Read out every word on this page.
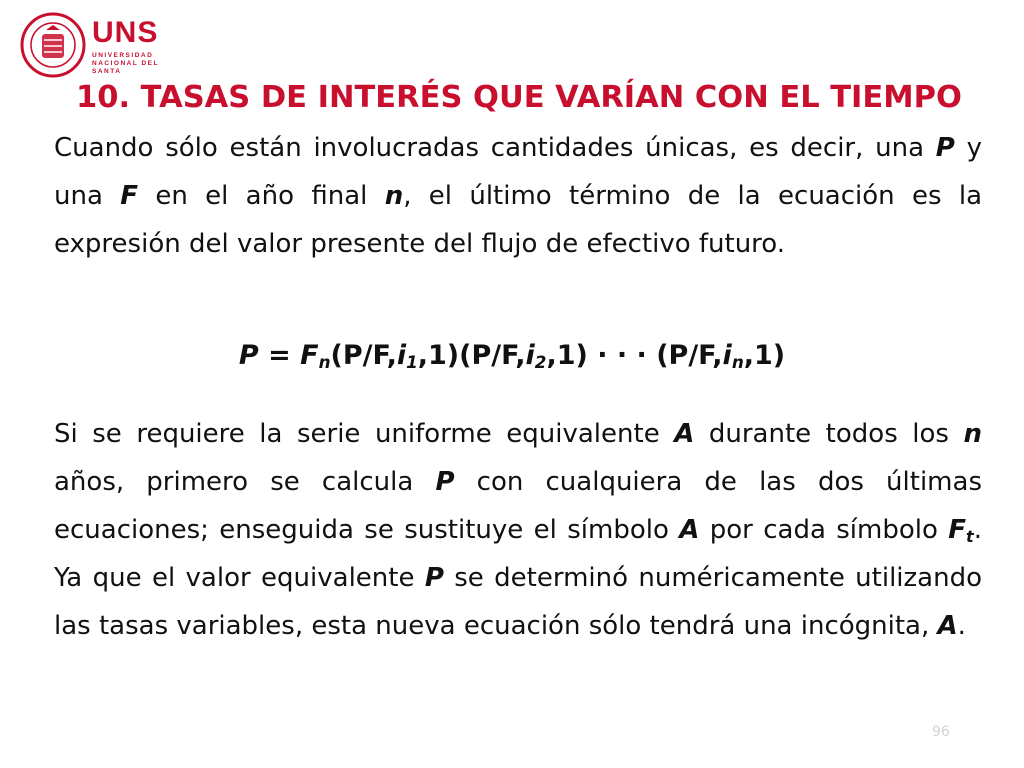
UNS
UNIVERSIDAD NACIONAL DEL SANTA
10. TASAS DE INTERÉS QUE VARÍAN CON EL TIEMPO

Cuando sólo están involucradas cantidades únicas, es decir, una P y una F en el año final n, el último término de la ecuación es la expresión del valor presente del flujo de efectivo futuro.

$P = F_n(P/F,i_1,1)(P/F,i_2,1)$ · · · $(P/F,i_n,1)$

Si se requiere la serie uniforme equivalente A durante todos los n años, primero se calcula P con cualquiera de las dos últimas ecuaciones; enseguida se sustituye el símbolo A por cada símbolo $F_t$. Ya que el valor equivalente P se determinó numéricamente utilizando las tasas variables, esta nueva ecuación sólo tendrá una incógnita, A.

96
